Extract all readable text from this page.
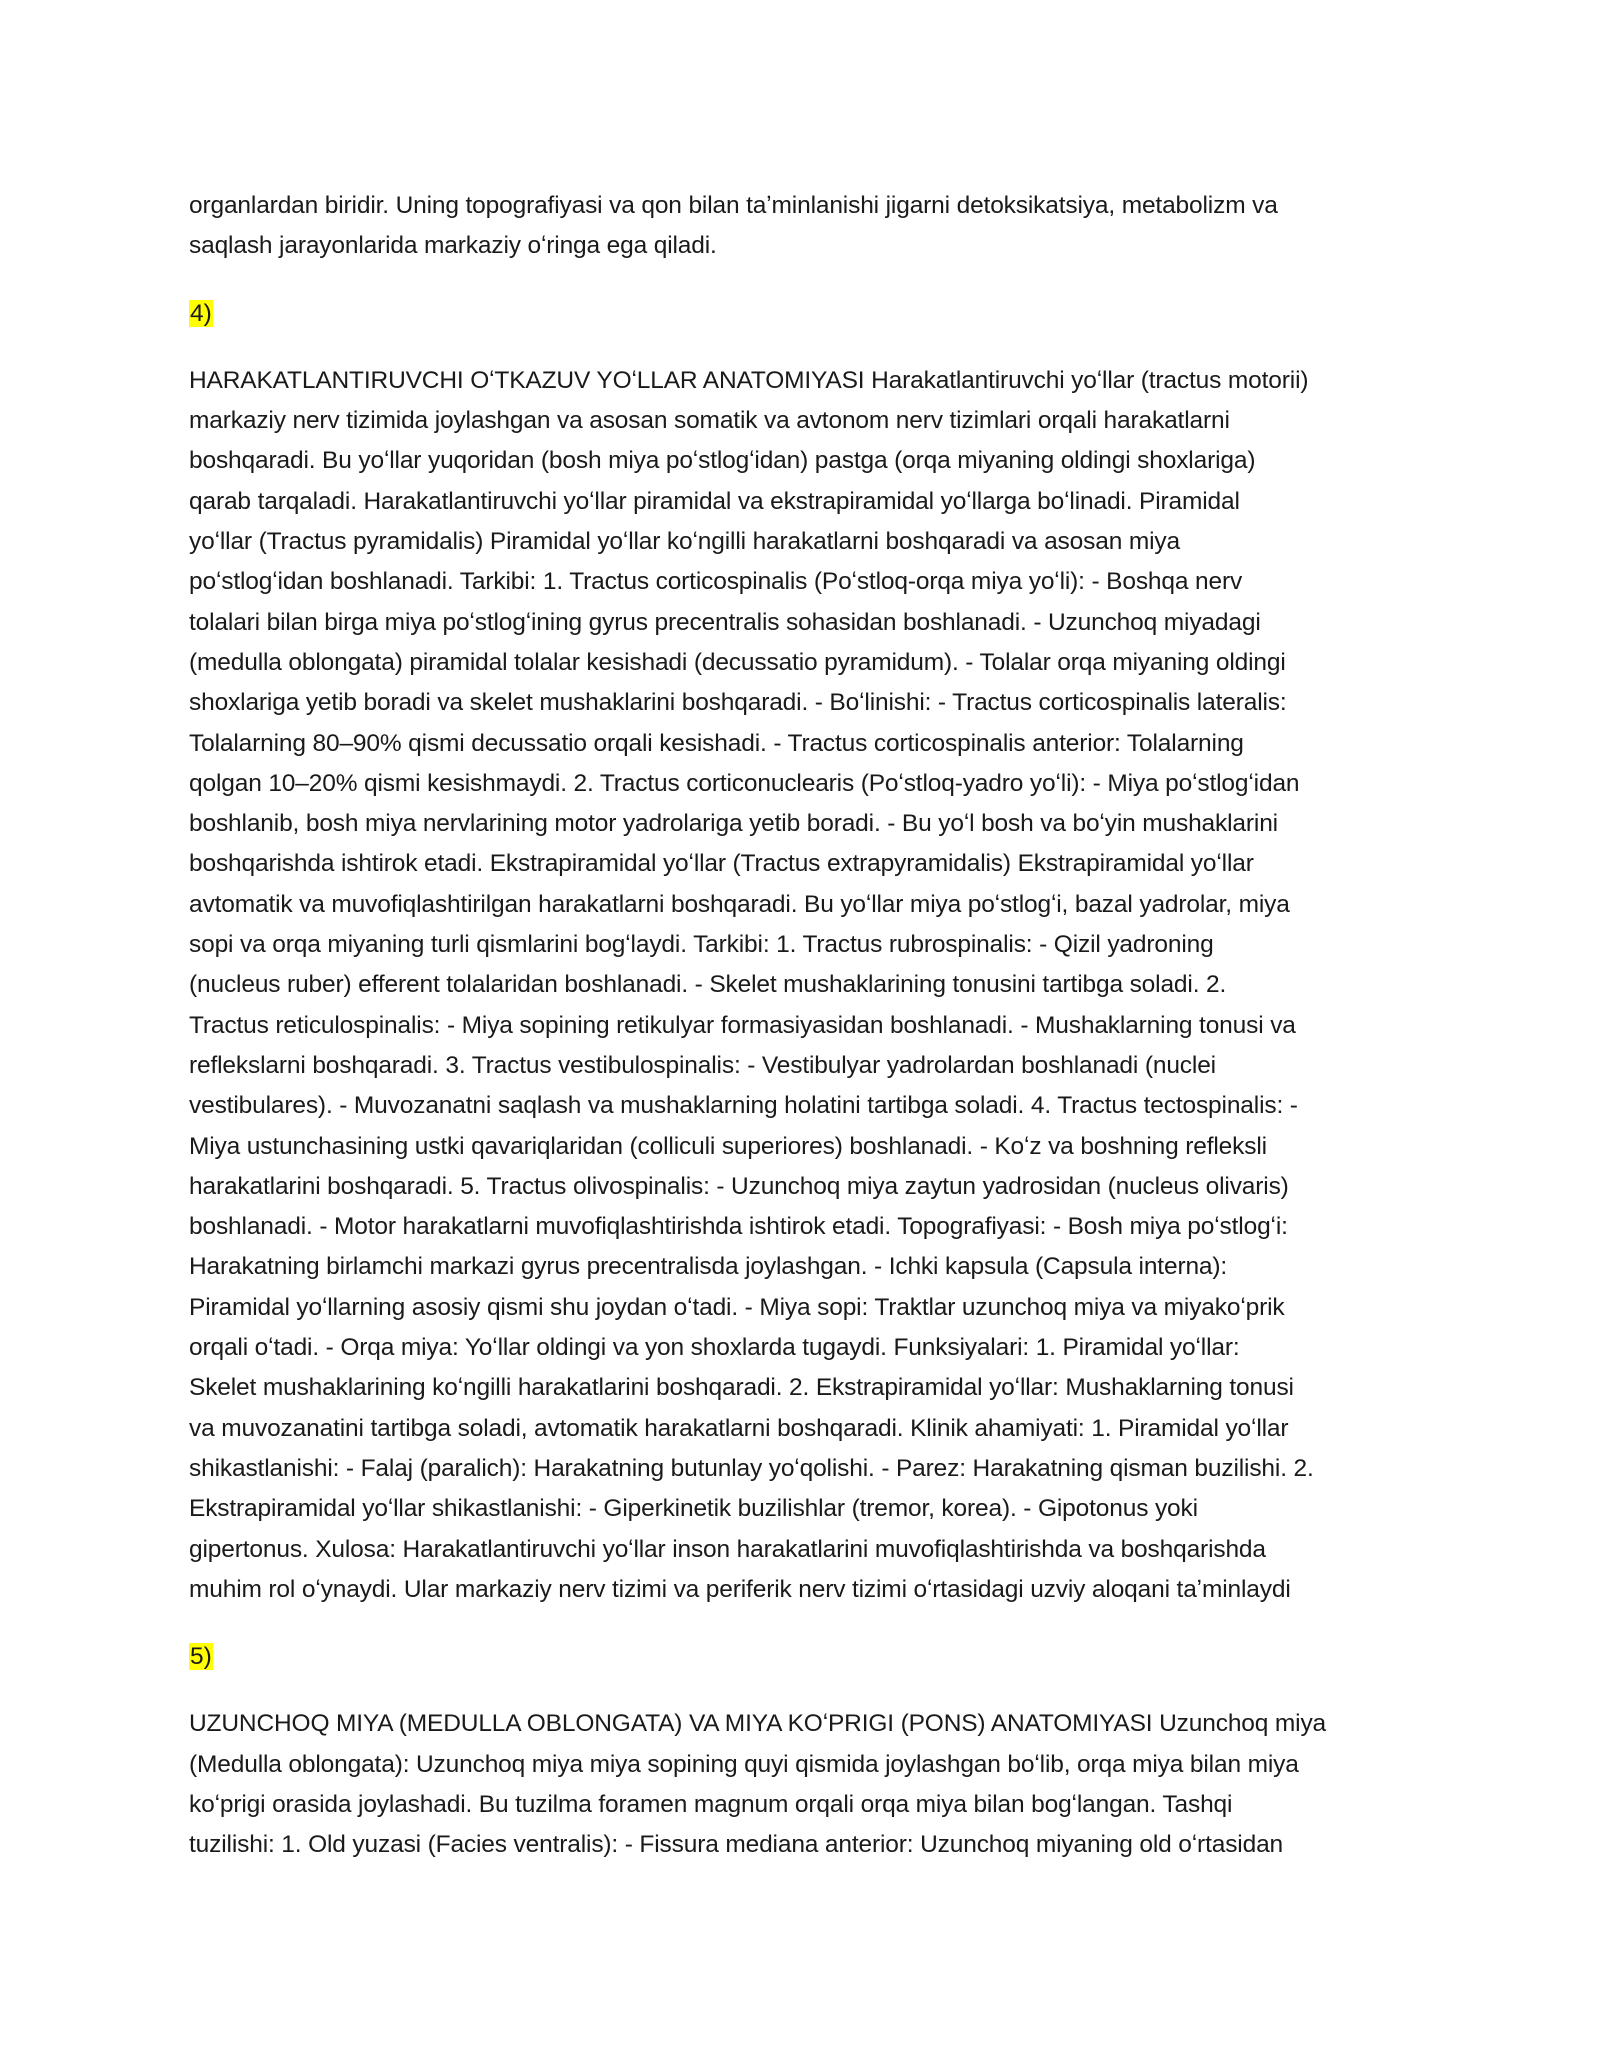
organlardan biridir. Uning topografiyasi va qon bilan taʼminlanishi jigarni detoksikatsiya, metabolizm va
saqlash jarayonlarida markaziy oʻringa ega qiladi.
4)
HARAKATLANTIRUVCHI OʻTKAZUV YOʻLLAR ANATOMIYASI Harakatlantiruvchi yoʻllar (tractus motorii)
markaziy nerv tizimida joylashgan va asosan somatik va avtonom nerv tizimlari orqali harakatlarni
boshqaradi. Bu yoʻllar yuqoridan (bosh miya poʻstlogʻidan) pastga (orqa miyaning oldingi shoxlariga)
qarab tarqaladi. Harakatlantiruvchi yoʻllar piramidal va ekstrapiramidal yoʻllarga boʻlinadi. Piramidal
yoʻllar (Tractus pyramidalis) Piramidal yoʻllar koʻngilli harakatlarni boshqaradi va asosan miya
poʻstlogʻidan boshlanadi. Tarkibi: 1. Tractus corticospinalis (Poʻstloq-orqa miya yoʻli): - Boshqa nerv
tolalari bilan birga miya poʻstlogʻining gyrus precentralis sohasidan boshlanadi. - Uzunchoq miyadagi
(medulla oblongata) piramidal tolalar kesishadi (decussatio pyramidum). - Tolalar orqa miyaning oldingi
shoxlariga yetib boradi va skelet mushaklarini boshqaradi. - Boʻlinishi: - Tractus corticospinalis lateralis:
Tolalarning 80–90% qismi decussatio orqali kesishadi. - Tractus corticospinalis anterior: Tolalarning
qolgan 10–20% qismi kesishmaydi. 2. Tractus corticonuclearis (Poʻstloq-yadro yoʻli): - Miya poʻstlogʻidan
boshlanib, bosh miya nervlarining motor yadrolariga yetib boradi. - Bu yoʻl bosh va boʻyin mushaklarini
boshqarishda ishtirok etadi. Ekstrapiramidal yoʻllar (Tractus extrapyramidalis) Ekstrapiramidal yoʻllar
avtomatik va muvofiqlashtirilgan harakatlarni boshqaradi. Bu yoʻllar miya poʻstlogʻi, bazal yadrolar, miya
sopi va orqa miyaning turli qismlarini bogʻlaydi. Tarkibi: 1. Tractus rubrospinalis: - Qizil yadroning
(nucleus ruber) efferent tolalaridan boshlanadi. - Skelet mushaklarining tonusini tartibga soladi. 2.
Tractus reticulospinalis: - Miya sopining retikulyar formasiyasidan boshlanadi. - Mushaklarning tonusi va
reflekslarni boshqaradi. 3. Tractus vestibulospinalis: - Vestibulyar yadrolardan boshlanadi (nuclei
vestibulares). - Muvozanatni saqlash va mushaklarning holatini tartibga soladi. 4. Tractus tectospinalis: -
Miya ustunchasining ustki qavariqlaridan (colliculi superiores) boshlanadi. - Koʻz va boshning refleksli
harakatlarini boshqaradi. 5. Tractus olivospinalis: - Uzunchoq miya zaytun yadrosidan (nucleus olivaris)
boshlanadi. - Motor harakatlarni muvofiqlashtirishda ishtirok etadi. Topografiyasi: - Bosh miya poʻstlogʻi:
Harakatning birlamchi markazi gyrus precentralisda joylashgan. - Ichki kapsula (Capsula interna):
Piramidal yoʻllarning asosiy qismi shu joydan oʻtadi. - Miya sopi: Traktlar uzunchoq miya va miyakoʻprik
orqali oʻtadi. - Orqa miya: Yoʻllar oldingi va yon shoxlarda tugaydi. Funksiyalari: 1. Piramidal yoʻllar:
Skelet mushaklarining koʻngilli harakatlarini boshqaradi. 2. Ekstrapiramidal yoʻllar: Mushaklarning tonusi
va muvozanatini tartibga soladi, avtomatik harakatlarni boshqaradi. Klinik ahamiyati: 1. Piramidal yoʻllar
shikastlanishi: - Falaj (paralich): Harakatning butunlay yoʻqolishi. - Parez: Harakatning qisman buzilishi. 2.
Ekstrapiramidal yoʻllar shikastlanishi: - Giperkinetik buzilishlar (tremor, korea). - Gipotonus yoki
gipertonus. Xulosa: Harakatlantiruvchi yoʻllar inson harakatlarini muvofiqlashtirishda va boshqarishda
muhim rol oʻynaydi. Ular markaziy nerv tizimi va periferik nerv tizimi oʻrtasidagi uzviy aloqani taʼminlaydi
5)
UZUNCHOQ MIYA (MEDULLA OBLONGATA) VA MIYA KOʻPRIGI (PONS) ANATOMIYASI Uzunchoq miya
(Medulla oblongata): Uzunchoq miya miya sopining quyi qismida joylashgan boʻlib, orqa miya bilan miya
koʻprigi orasida joylashadi. Bu tuzilma foramen magnum orqali orqa miya bilan bogʻlangan. Tashqi
tuzilishi: 1. Old yuzasi (Facies ventralis): - Fissura mediana anterior: Uzunchoq miyaning old oʻrtasidan
